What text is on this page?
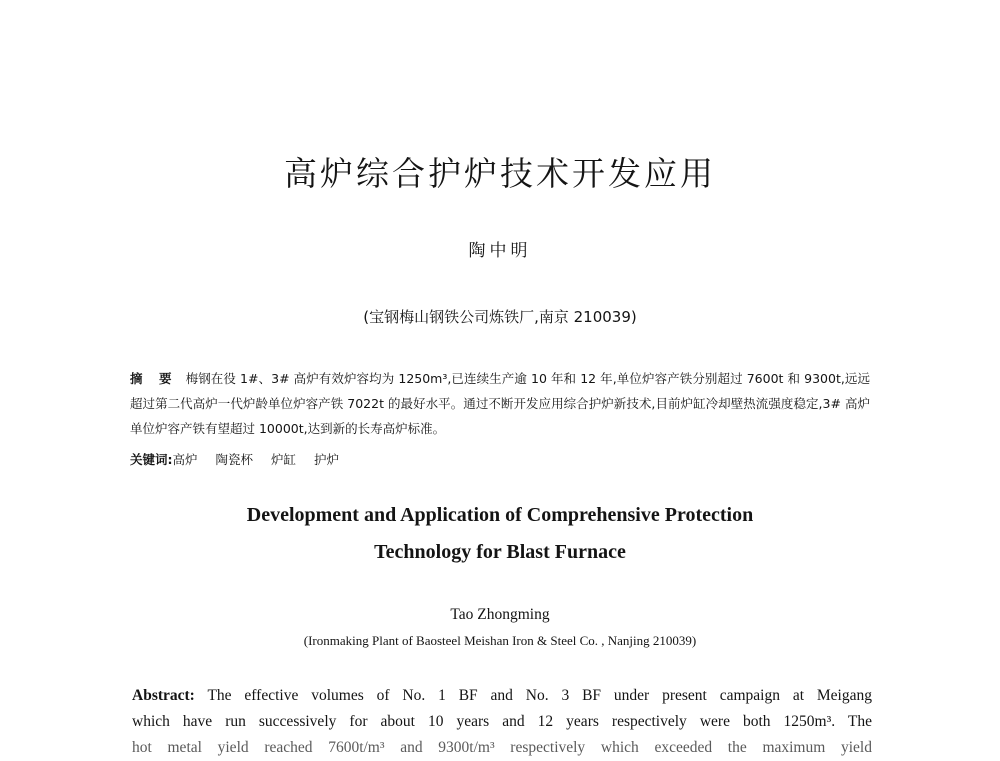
高炉综合护炉技术开发应用
陶中明
(宝钢梅山钢铁公司炼铁厂,南京 210039)
摘 要 梅钢在役 1#、3# 高炉有效炉容均为 1250m³,已连续生产逾 10 年和 12 年,单位炉容产铁分别超过 7600t 和 9300t,远远超过第二代高炉一代炉龄单位炉容产铁 7022t 的最好水平。通过不断开发应用综合护炉新技术,目前炉缸冷却壁热流强度稳定,3# 高炉单位炉容产铁有望超过 10000t,达到新的长寿高炉标准。
关键词:高炉 陶瓷杯 炉缸 护炉
Development and Application of Comprehensive Protection
Technology for Blast Furnace
Tao Zhongming
(Ironmaking Plant of Baosteel Meishan Iron & Steel Co. , Nanjing 210039)
Abstract: The effective volumes of No. 1 BF and No. 3 BF under present campaign at Meigang
which have run successively for about 10 years and 12 years respectively were both 1250m³. The
hot metal yield reached 7600t/m³ and 9300t/m³ respectively which exceeded the maximum yield
